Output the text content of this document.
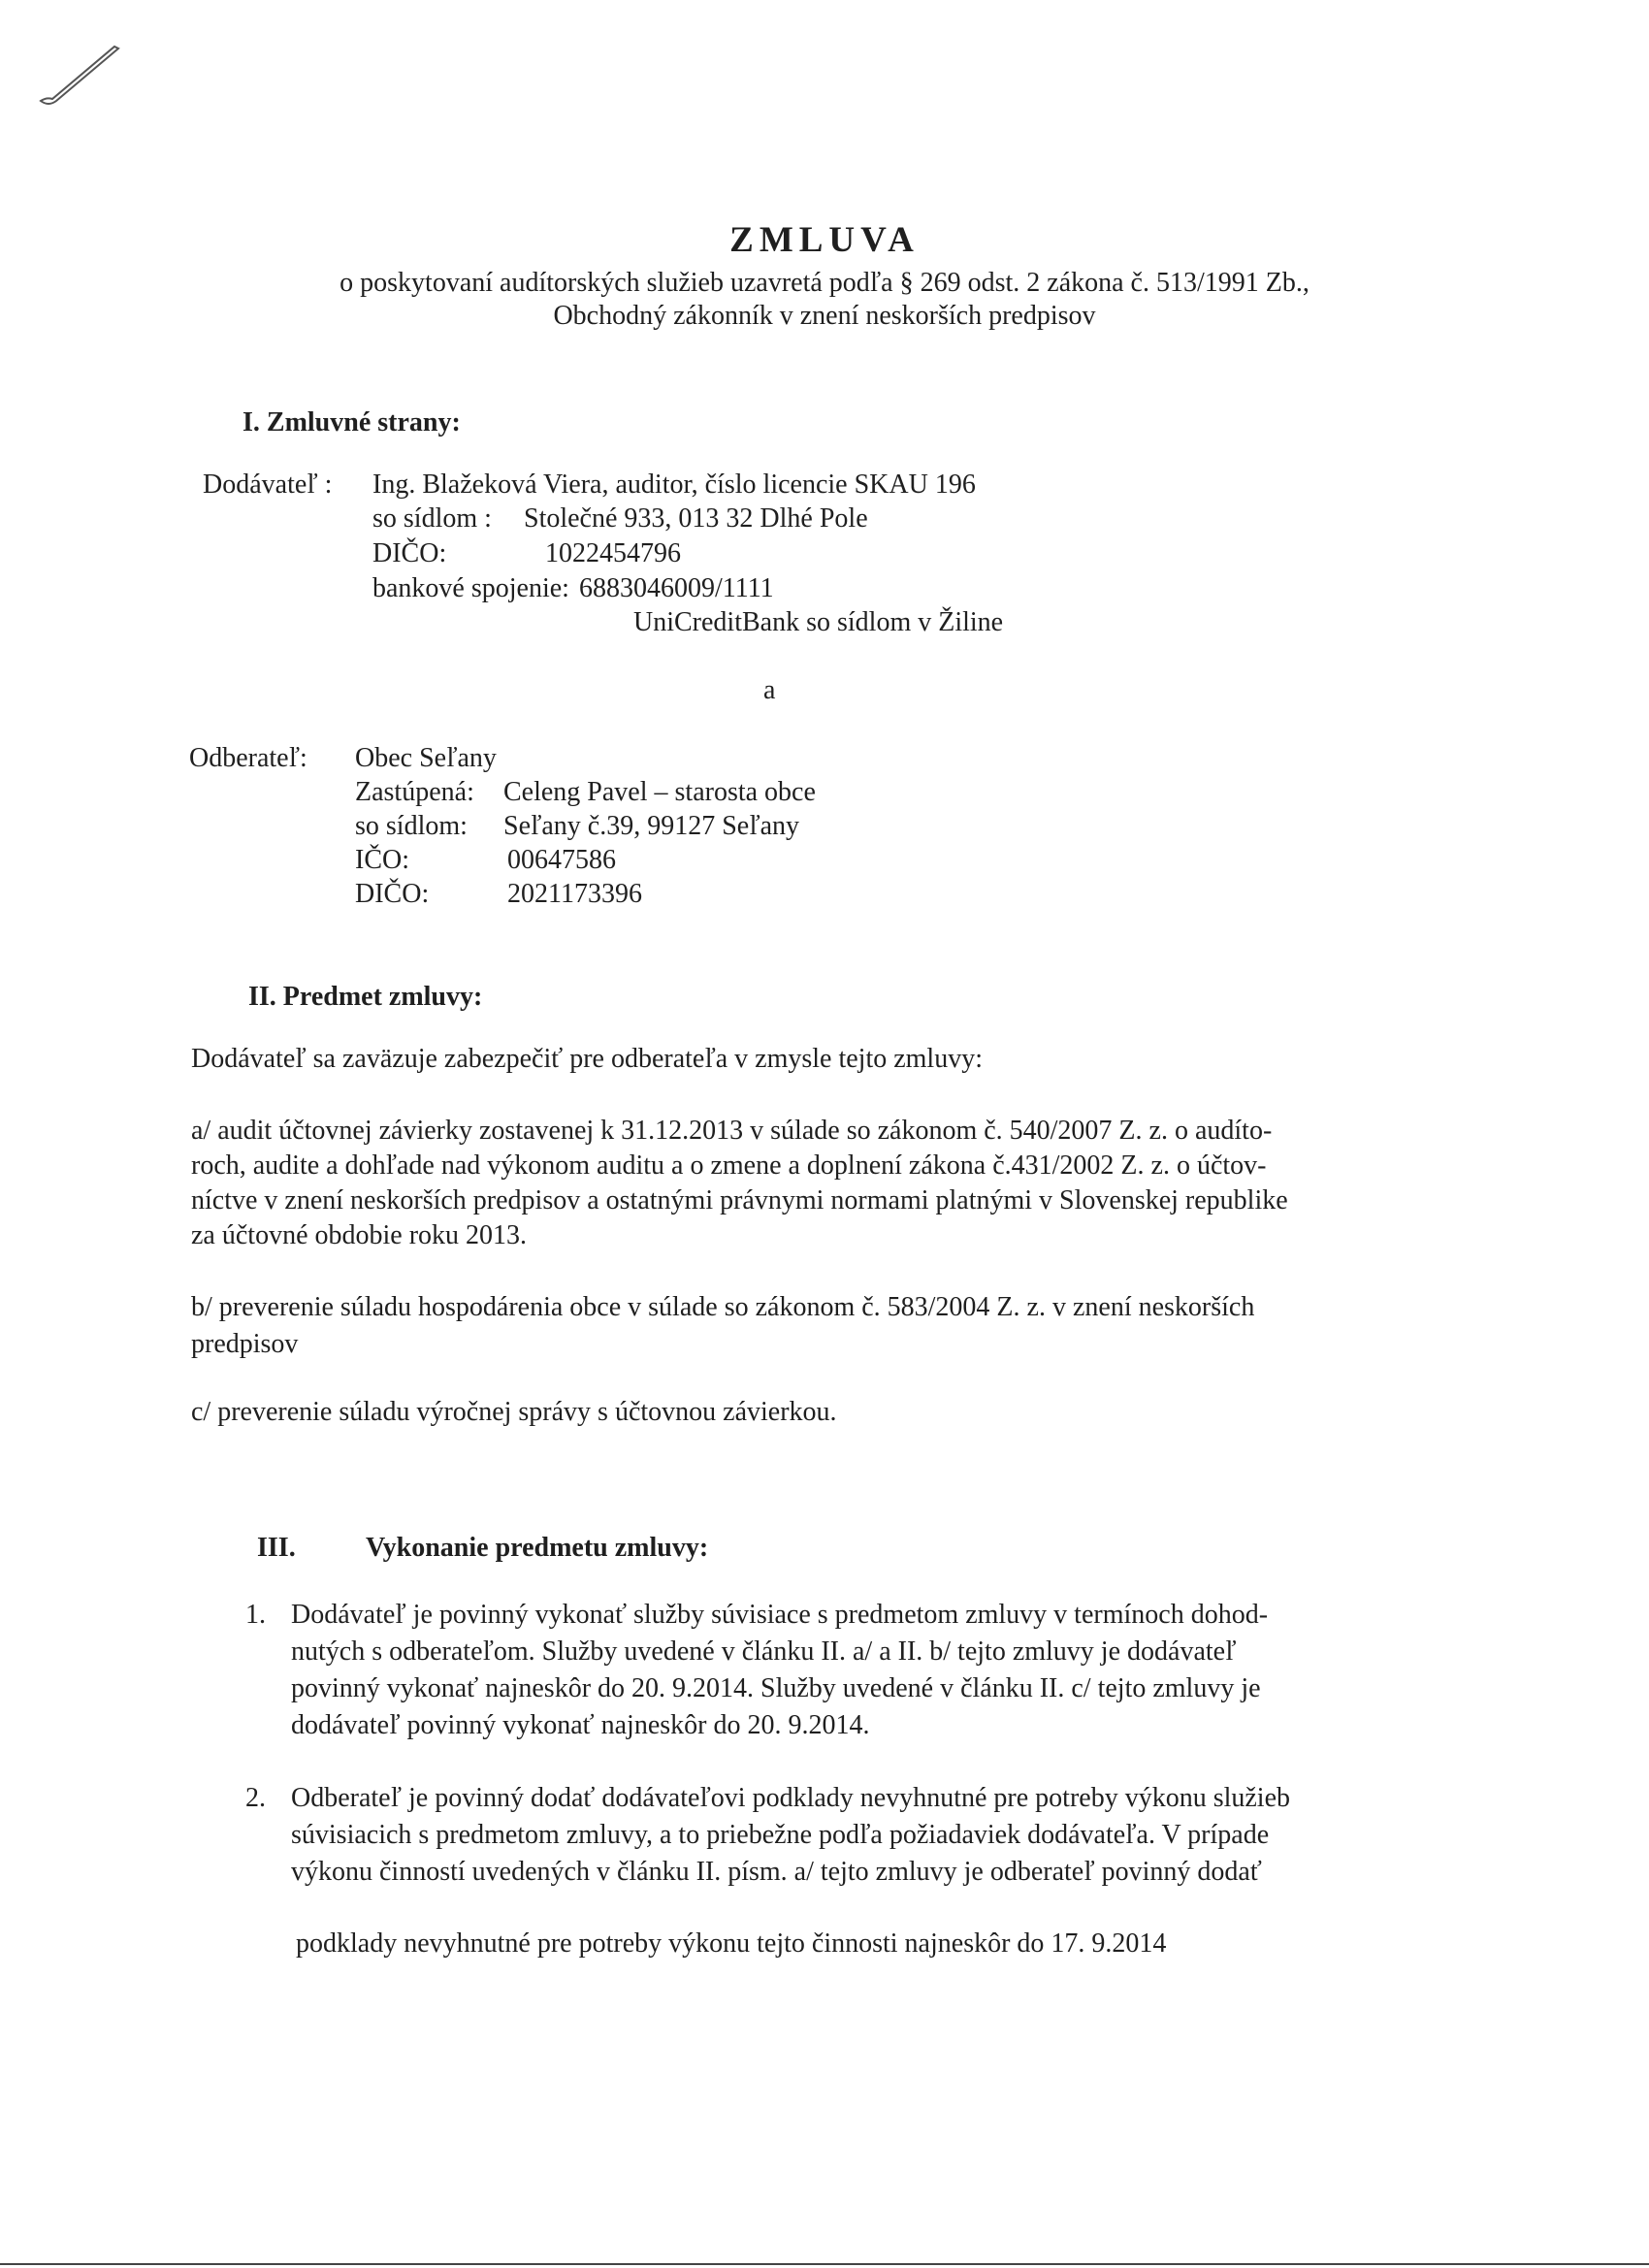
ZMLUVA
o poskytovaní audítorských služieb uzavretá podľa § 269 odst. 2 zákona č. 513/1991 Zb.,
Obchodný zákonník v znení neskorších predpisov
I. Zmluvné strany:
Dodávateľ : Ing. Blažeková Viera, auditor, číslo licencie SKAU 196
so sídlom : Stolečné 933, 013 32 Dlhé Pole
DIČO:	1022454796
bankové spojenie: 6883046009/1111
UniCreditBank so sídlom v Žiline
a
Odberateľ: Obec Seľany
Zastúpená: Celeng Pavel – starosta obce
so sídlom: Seľany č.39, 99127 Seľany
IČO:	00647586
DIČO:	2021173396
II. Predmet zmluvy:
Dodávateľ sa zaväzuje zabezpečiť pre odberateľa v zmysle tejto zmluvy:
a/ audit účtovnej závierky zostavenej k 31.12.2013 v súlade so zákonom č. 540/2007 Z. z. o audíto-
roch, audite a dohľade nad výkonom auditu a o zmene a doplnení zákona č.431/2002 Z. z. o účtov-
níctve v znení neskorších predpisov a ostatnými právnymi normami platnými v Slovenskej republike
za účtovné obdobie roku 2013.
b/ preverenie súladu hospodárenia obce v súlade so zákonom č. 583/2004 Z. z. v znení neskorších
predpisov
c/ preverenie súladu výročnej správy s účtovnou závierkou.
III.	Vykonanie predmetu zmluvy:
1. Dodávateľ je povinný vykonať služby súvisiace s predmetom zmluvy v termínoch dohod-
nutých s odberateľom. Služby uvedené v článku II. a/ a II. b/ tejto zmluvy je dodávateľ
povinný vykonať najneskôr do 20. 9.2014. Služby uvedené v článku II. c/ tejto zmluvy je
dodávateľ povinný vykonať najneskôr do 20. 9.2014.
2. Odberateľ je povinný dodať dodávateľovi podklady nevyhnutné pre potreby výkonu služieb
súvisiacich s predmetom zmluvy, a to priebežne podľa požiadaviek dodávateľa. V prípade
výkonu činností uvedených v článku II. písm. a/ tejto zmluvy je odberateľ povinný dodať
podklady nevyhnutné pre potreby výkonu tejto činnosti najneskôr do 17. 9.2014
